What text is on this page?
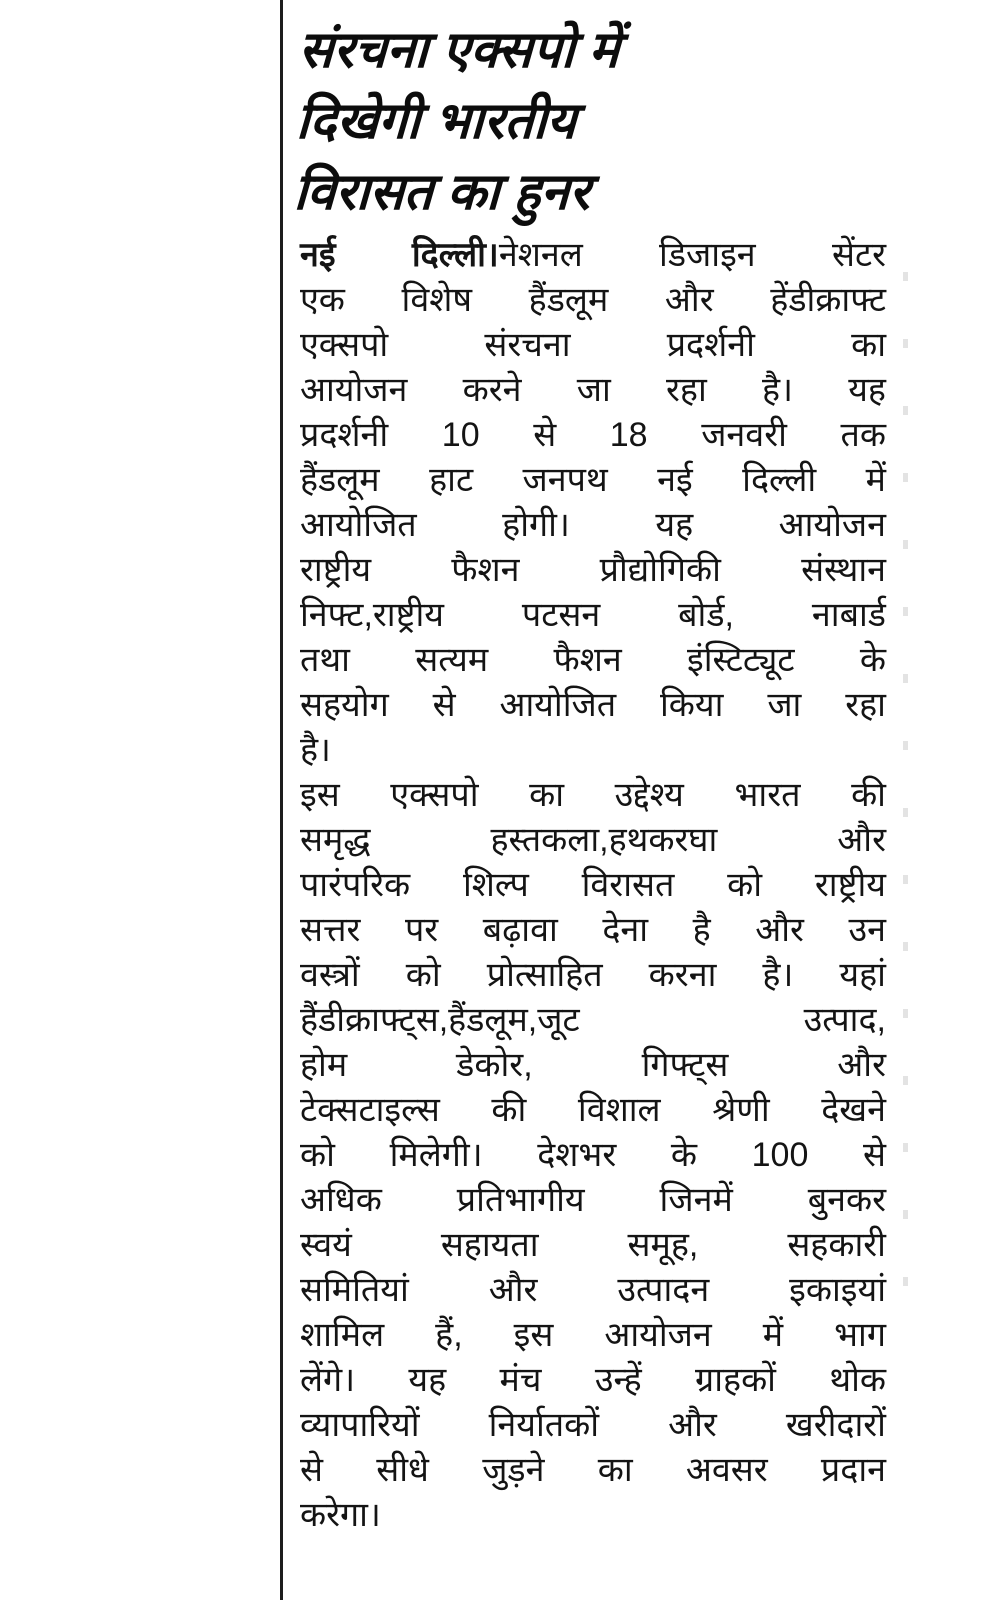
संरचना एक्सपो में
दिखेगी भारतीय
विरासत का हुनर
नई दिल्ली।नेशनल डिजाइन सेंटर
एक विशेष हैंडलूम और हेंडीक्राफ्ट
एक्सपो संरचना प्रदर्शनी का
आयोजन करने जा रहा है। यह
प्रदर्शनी 10 से 18 जनवरी तक
हैंडलूम हाट जनपथ नई दिल्ली में
आयोजित होगी। यह आयोजन
राष्ट्रीय फैशन प्रौद्योगिकी संस्थान
निफ्ट,राष्ट्रीय पटसन बोर्ड, नाबार्ड
तथा सत्यम फैशन इंस्टिट्यूट के
सहयोग से आयोजित किया जा रहा
है।
इस एक्सपो का उद्देश्य भारत की
समृद्ध हस्तकला,हथकरघा और
पारंपरिक शिल्प विरासत को राष्ट्रीय
सत्तर पर बढ़ावा देना है और उन
वस्त्रों को प्रोत्साहित करना है। यहां
हैंडीक्राफ्ट्स,हैंडलूम,जूट उत्पाद,
होम डेकोर, गिफ्ट्स और
टेक्सटाइल्स की विशाल श्रेणी देखने
को मिलेगी। देशभर के 100 से
अधिक प्रतिभागीय जिनमें बुनकर
स्वयं सहायता समूह, सहकारी
समितियां और उत्पादन इकाइयां
शामिल हैं, इस आयोजन में भाग
लेंगे। यह मंच उन्हें ग्राहकों थोक
व्यापारियों निर्यातकों और खरीदारों
से सीधे जुड़ने का अवसर प्रदान
करेगा।
